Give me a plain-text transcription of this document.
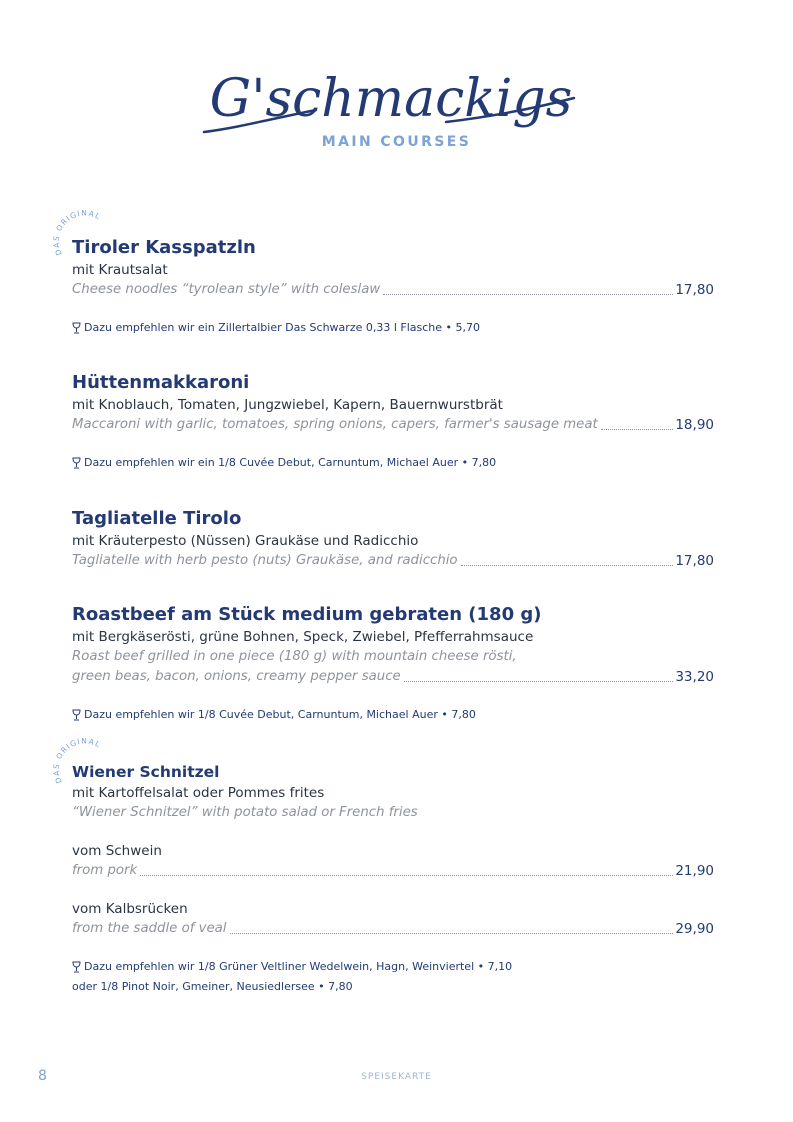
G'schmackigs
MAIN COURSES
DAS ORIGINAL
Tiroler Kasspatzln
mit Krautsalat
Cheese noodles “tyrolean style” with coleslaw	17,80
Dazu empfehlen wir ein Zillertalbier Das Schwarze 0,33 l Flasche • 5,70
Hüttenmakkaroni
mit Knoblauch, Tomaten, Jungzwiebel, Kapern, Bauernwurstbrät
Maccaroni with garlic, tomatoes, spring onions, capers, farmer's sausage meat	18,90
Dazu empfehlen wir ein 1/8 Cuvée Debut, Carnuntum, Michael Auer • 7,80
Tagliatelle Tirolo
mit Kräuterpesto (Nüssen) Graukäse und Radicchio
Tagliatelle with herb pesto (nuts) Graukäse, and radicchio	17,80
Roastbeef am Stück medium gebraten (180 g)
mit Bergkäserösti, grüne Bohnen, Speck, Zwiebel, Pfefferrahmsauce
Roast beef grilled in one piece (180 g) with mountain cheese rösti,
green beas, bacon, onions, creamy pepper sauce	33,20
Dazu empfehlen wir 1/8 Cuvée Debut, Carnuntum, Michael Auer • 7,80
DAS ORIGINAL
Wiener Schnitzel
mit Kartoffelsalat oder Pommes frites
“Wiener Schnitzel” with potato salad or French fries
vom Schwein
from pork	21,90
vom Kalbsrücken
from the saddle of veal	29,90
Dazu empfehlen wir 1/8 Grüner Veltliner Wedelwein, Hagn, Weinviertel • 7,10
oder 1/8 Pinot Noir, Gmeiner, Neusiedlersee • 7,80
8	SPEISEKARTE
